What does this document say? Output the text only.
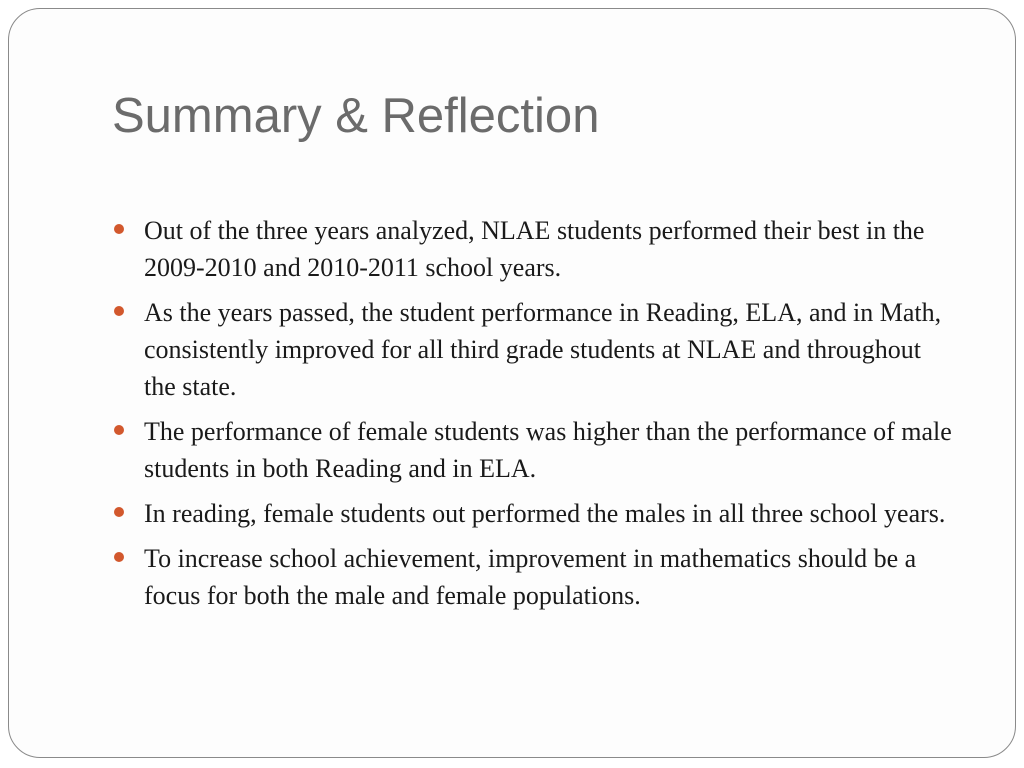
Summary & Reflection
Out of the three years analyzed, NLAE students performed their best in the 2009-2010 and 2010-2011 school years.
As the years passed, the student performance in Reading, ELA, and in Math, consistently improved for all third grade students at NLAE and throughout the state.
The performance of female students was higher than the performance of male students in both Reading and in ELA.
In reading, female students out performed the males in all three school years.
To increase school achievement, improvement in mathematics should be a focus for both the male and female populations.
